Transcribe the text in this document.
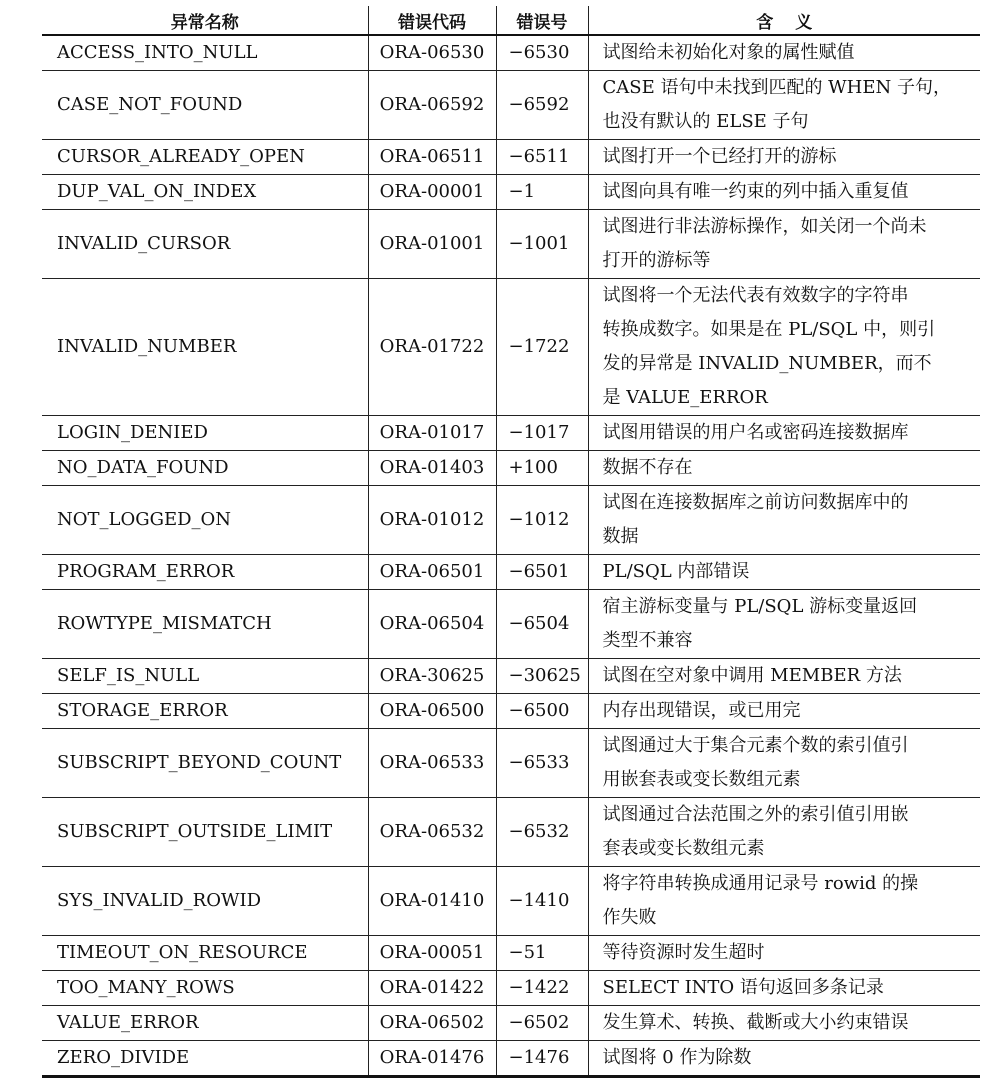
异常名称	错误代码	错误号	含义
ACCESS_INTO_NULL	ORA-06530	−6530	试图给未初始化对象的属性赋值

CASE_NOT_FOUND	ORA-06592	−6592	CASE 语句中未找到匹配的 WHEN 子句，
也没有默认的 ELSE 子句

CURSOR_ALREADY_OPEN	ORA-06511	−6511	试图打开一个已经打开的游标

DUP_VAL_ON_INDEX	ORA-00001	−1	试图向具有唯一约束的列中插入重复值

INVALID_CURSOR	ORA-01001	−1001	试图进行非法游标操作，如关闭一个尚未
打开的游标等

INVALID_NUMBER	ORA-01722	−1722	试图将一个无法代表有效数字的字符串
转换成数字。如果是在 PL/SQL 中，则引
发的异常是 INVALID_NUMBER，而不
是 VALUE_ERROR

LOGIN_DENIED	ORA-01017	−1017	试图用错误的用户名或密码连接数据库

NO_DATA_FOUND	ORA-01403	+100	数据不存在

NOT_LOGGED_ON	ORA-01012	−1012	试图在连接数据库之前访问数据库中的
数据

PROGRAM_ERROR	ORA-06501	−6501	PL/SQL 内部错误

ROWTYPE_MISMATCH	ORA-06504	−6504	宿主游标变量与 PL/SQL 游标变量返回
类型不兼容

SELF_IS_NULL	ORA-30625	−30625	试图在空对象中调用 MEMBER 方法

STORAGE_ERROR	ORA-06500	−6500	内存出现错误，或已用完

SUBSCRIPT_BEYOND_COUNT	ORA-06533	−6533	试图通过大于集合元素个数的索引值引
用嵌套表或变长数组元素

SUBSCRIPT_OUTSIDE_LIMIT	ORA-06532	−6532	试图通过合法范围之外的索引值引用嵌
套表或变长数组元素

SYS_INVALID_ROWID	ORA-01410	−1410	将字符串转换成通用记录号 rowid 的操
作失败

TIMEOUT_ON_RESOURCE	ORA-00051	−51	等待资源时发生超时

TOO_MANY_ROWS	ORA-01422	−1422	SELECT INTO 语句返回多条记录

VALUE_ERROR	ORA-06502	−6502	发生算术、转换、截断或大小约束错误

ZERO_DIVIDE	ORA-01476	−1476	试图将 0 作为除数
